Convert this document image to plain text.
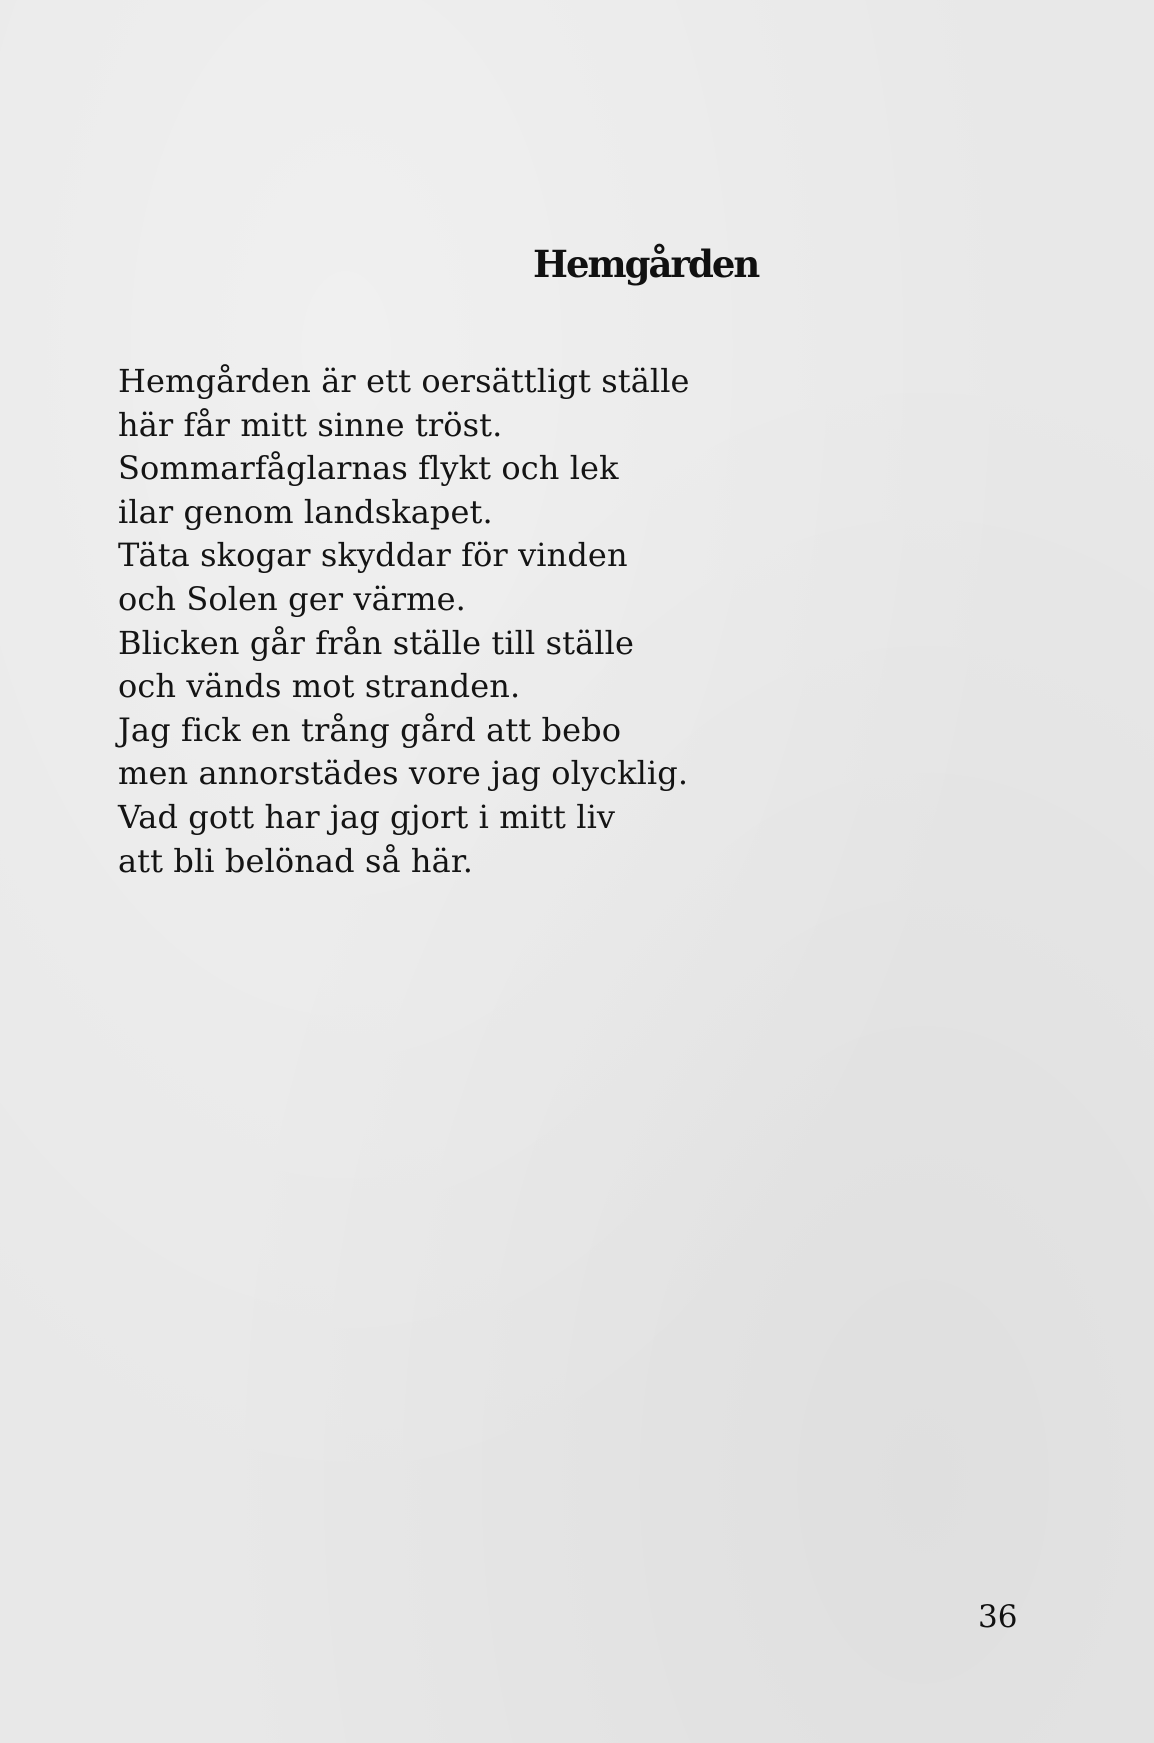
Hemgården
Hemgården är ett oersättligt ställe
här får mitt sinne tröst.
Sommarfåglarnas flykt och lek
ilar genom landskapet.
Täta skogar skyddar för vinden
och Solen ger värme.
Blicken går från ställe till ställe
och vänds mot stranden.
Jag fick en trång gård att bebo
men annorstädes vore jag olycklig.
Vad gott har jag gjort i mitt liv
att bli belönad så här.
36
